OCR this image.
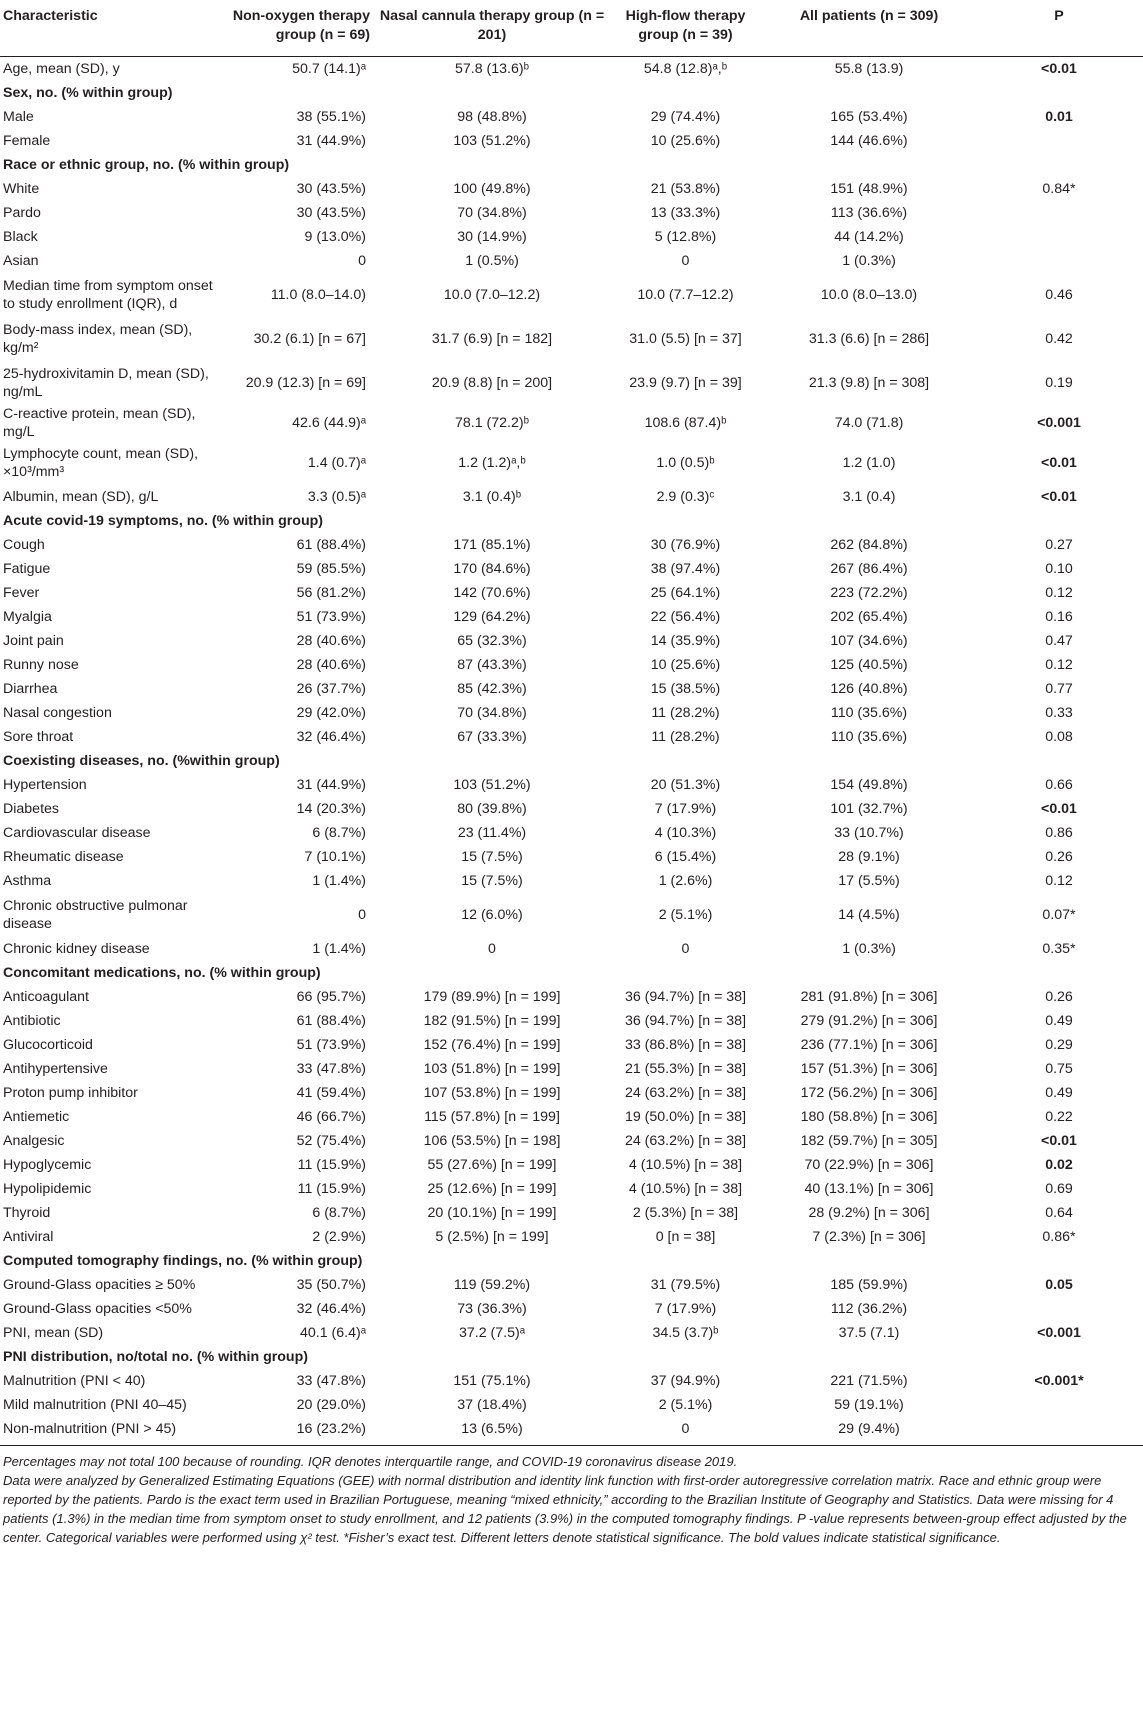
Characteristic	Non-oxygen therapy group (n = 69)	Nasal cannula therapy group (n = 201)	High-flow therapy group (n = 39)	All patients (n = 309)	P
Age, mean (SD), y	50.7 (14.1)ᵃ	57.8 (13.6)ᵇ	54.8 (12.8)ᵃ,ᵇ	55.8 (13.9)	<0.01
Sex, no. (% within group)					
Male	38 (55.1%)	98 (48.8%)	29 (74.4%)	165 (53.4%)	0.01
Female	31 (44.9%)	103 (51.2%)	10 (25.6%)	144 (46.6%)	
Race or ethnic group, no. (% within group)					
White	30 (43.5%)	100 (49.8%)	21 (53.8%)	151 (48.9%)	0.84*
Pardo	30 (43.5%)	70 (34.8%)	13 (33.3%)	113 (36.6%)	
Black	9 (13.0%)	30 (14.9%)	5 (12.8%)	44 (14.2%)	
Asian	0	1 (0.5%)	0	1 (0.3%)	
Median time from symptom onset to study enrollment (IQR), d	11.0 (8.0–14.0)	10.0 (7.0–12.2)	10.0 (7.7–12.2)	10.0 (8.0–13.0)	0.46
Body-mass index, mean (SD), kg/m²	30.2 (6.1) [n = 67]	31.7 (6.9) [n = 182]	31.0 (5.5) [n = 37]	31.3 (6.6) [n = 286]	0.42
25-hydroxivitamin D, mean (SD), ng/mL	20.9 (12.3) [n = 69]	20.9 (8.8) [n = 200]	23.9 (9.7) [n = 39]	21.3 (9.8) [n = 308]	0.19
C-reactive protein, mean (SD), mg/L	42.6 (44.9)ᵃ	78.1 (72.2)ᵇ	108.6 (87.4)ᵇ	74.0 (71.8)	<0.001
Lymphocyte count, mean (SD), ×10³/mm³	1.4 (0.7)ᵃ	1.2 (1.2)ᵃ,ᵇ	1.0 (0.5)ᵇ	1.2 (1.0)	<0.01
Albumin, mean (SD), g/L	3.3 (0.5)ᵃ	3.1 (0.4)ᵇ	2.9 (0.3)ᶜ	3.1 (0.4)	<0.01
Acute covid-19 symptoms, no. (% within group)					
Cough	61 (88.4%)	171 (85.1%)	30 (76.9%)	262 (84.8%)	0.27
Fatigue	59 (85.5%)	170 (84.6%)	38 (97.4%)	267 (86.4%)	0.10
Fever	56 (81.2%)	142 (70.6%)	25 (64.1%)	223 (72.2%)	0.12
Myalgia	51 (73.9%)	129 (64.2%)	22 (56.4%)	202 (65.4%)	0.16
Joint pain	28 (40.6%)	65 (32.3%)	14 (35.9%)	107 (34.6%)	0.47
Runny nose	28 (40.6%)	87 (43.3%)	10 (25.6%)	125 (40.5%)	0.12
Diarrhea	26 (37.7%)	85 (42.3%)	15 (38.5%)	126 (40.8%)	0.77
Nasal congestion	29 (42.0%)	70 (34.8%)	11 (28.2%)	110 (35.6%)	0.33
Sore throat	32 (46.4%)	67 (33.3%)	11 (28.2%)	110 (35.6%)	0.08
Coexisting diseases, no. (%within group)					
Hypertension	31 (44.9%)	103 (51.2%)	20 (51.3%)	154 (49.8%)	0.66
Diabetes	14 (20.3%)	80 (39.8%)	7 (17.9%)	101 (32.7%)	<0.01
Cardiovascular disease	6 (8.7%)	23 (11.4%)	4 (10.3%)	33 (10.7%)	0.86
Rheumatic disease	7 (10.1%)	15 (7.5%)	6 (15.4%)	28 (9.1%)	0.26
Asthma	1 (1.4%)	15 (7.5%)	1 (2.6%)	17 (5.5%)	0.12
Chronic obstructive pulmonar disease	0	12 (6.0%)	2 (5.1%)	14 (4.5%)	0.07*
Chronic kidney disease	1 (1.4%)	0	0	1 (0.3%)	0.35*
Concomitant medications, no. (% within group)					
Anticoagulant	66 (95.7%)	179 (89.9%) [n = 199]	36 (94.7%) [n = 38]	281 (91.8%) [n = 306]	0.26
Antibiotic	61 (88.4%)	182 (91.5%) [n = 199]	36 (94.7%) [n = 38]	279 (91.2%) [n = 306]	0.49
Glucocorticoid	51 (73.9%)	152 (76.4%) [n = 199]	33 (86.8%) [n = 38]	236 (77.1%) [n = 306]	0.29
Antihypertensive	33 (47.8%)	103 (51.8%) [n = 199]	21 (55.3%) [n = 38]	157 (51.3%) [n = 306]	0.75
Proton pump inhibitor	41 (59.4%)	107 (53.8%) [n = 199]	24 (63.2%) [n = 38]	172 (56.2%) [n = 306]	0.49
Antiemetic	46 (66.7%)	115 (57.8%) [n = 199]	19 (50.0%) [n = 38]	180 (58.8%) [n = 306]	0.22
Analgesic	52 (75.4%)	106 (53.5%) [n = 198]	24 (63.2%) [n = 38]	182 (59.7%) [n = 305]	<0.01
Hypoglycemic	11 (15.9%)	55 (27.6%) [n = 199]	4 (10.5%) [n = 38]	70 (22.9%) [n = 306]	0.02
Hypolipidemic	11 (15.9%)	25 (12.6%) [n = 199]	4 (10.5%) [n = 38]	40 (13.1%) [n = 306]	0.69
Thyroid	6 (8.7%)	20 (10.1%) [n = 199]	2 (5.3%) [n = 38]	28 (9.2%) [n = 306]	0.64
Antiviral	2 (2.9%)	5 (2.5%) [n = 199]	0 [n = 38]	7 (2.3%) [n = 306]	0.86*
Computed tomography findings, no. (% within group)					
Ground-Glass opacities ≥ 50%	35 (50.7%)	119 (59.2%)	31 (79.5%)	185 (59.9%)	0.05
Ground-Glass opacities <50%	32 (46.4%)	73 (36.3%)	7 (17.9%)	112 (36.2%)	
PNI, mean (SD)	40.1 (6.4)ᵃ	37.2 (7.5)ᵃ	34.5 (3.7)ᵇ	37.5 (7.1)	<0.001
PNI distribution, no/total no. (% within group)					
Malnutrition (PNI < 40)	33 (47.8%)	151 (75.1%)	37 (94.9%)	221 (71.5%)	<0.001*
Mild malnutrition (PNI 40–45)	20 (29.0%)	37 (18.4%)	2 (5.1%)	59 (19.1%)	
Non-malnutrition (PNI > 45)	16 (23.2%)	13 (6.5%)	0	29 (9.4%)	

Percentages may not total 100 because of rounding. IQR denotes interquartile range, and COVID-19 coronavirus disease 2019.

Data were analyzed by Generalized Estimating Equations (GEE) with normal distribution and identity link function with first-order autoregressive correlation matrix. Race and ethnic group were reported by the patients. Pardo is the exact term used in Brazilian Portuguese, meaning “mixed ethnicity,” according to the Brazilian Institute of Geography and Statistics. Data were missing for 4 patients (1.3%) in the median time from symptom onset to study enrollment, and 12 patients (3.9%) in the computed tomography findings. P -value represents between-group effect adjusted by the center. Categorical variables were performed using χ² test. *Fisher’s exact test. Different letters denote statistical significance. The bold values indicate statistical significance.
